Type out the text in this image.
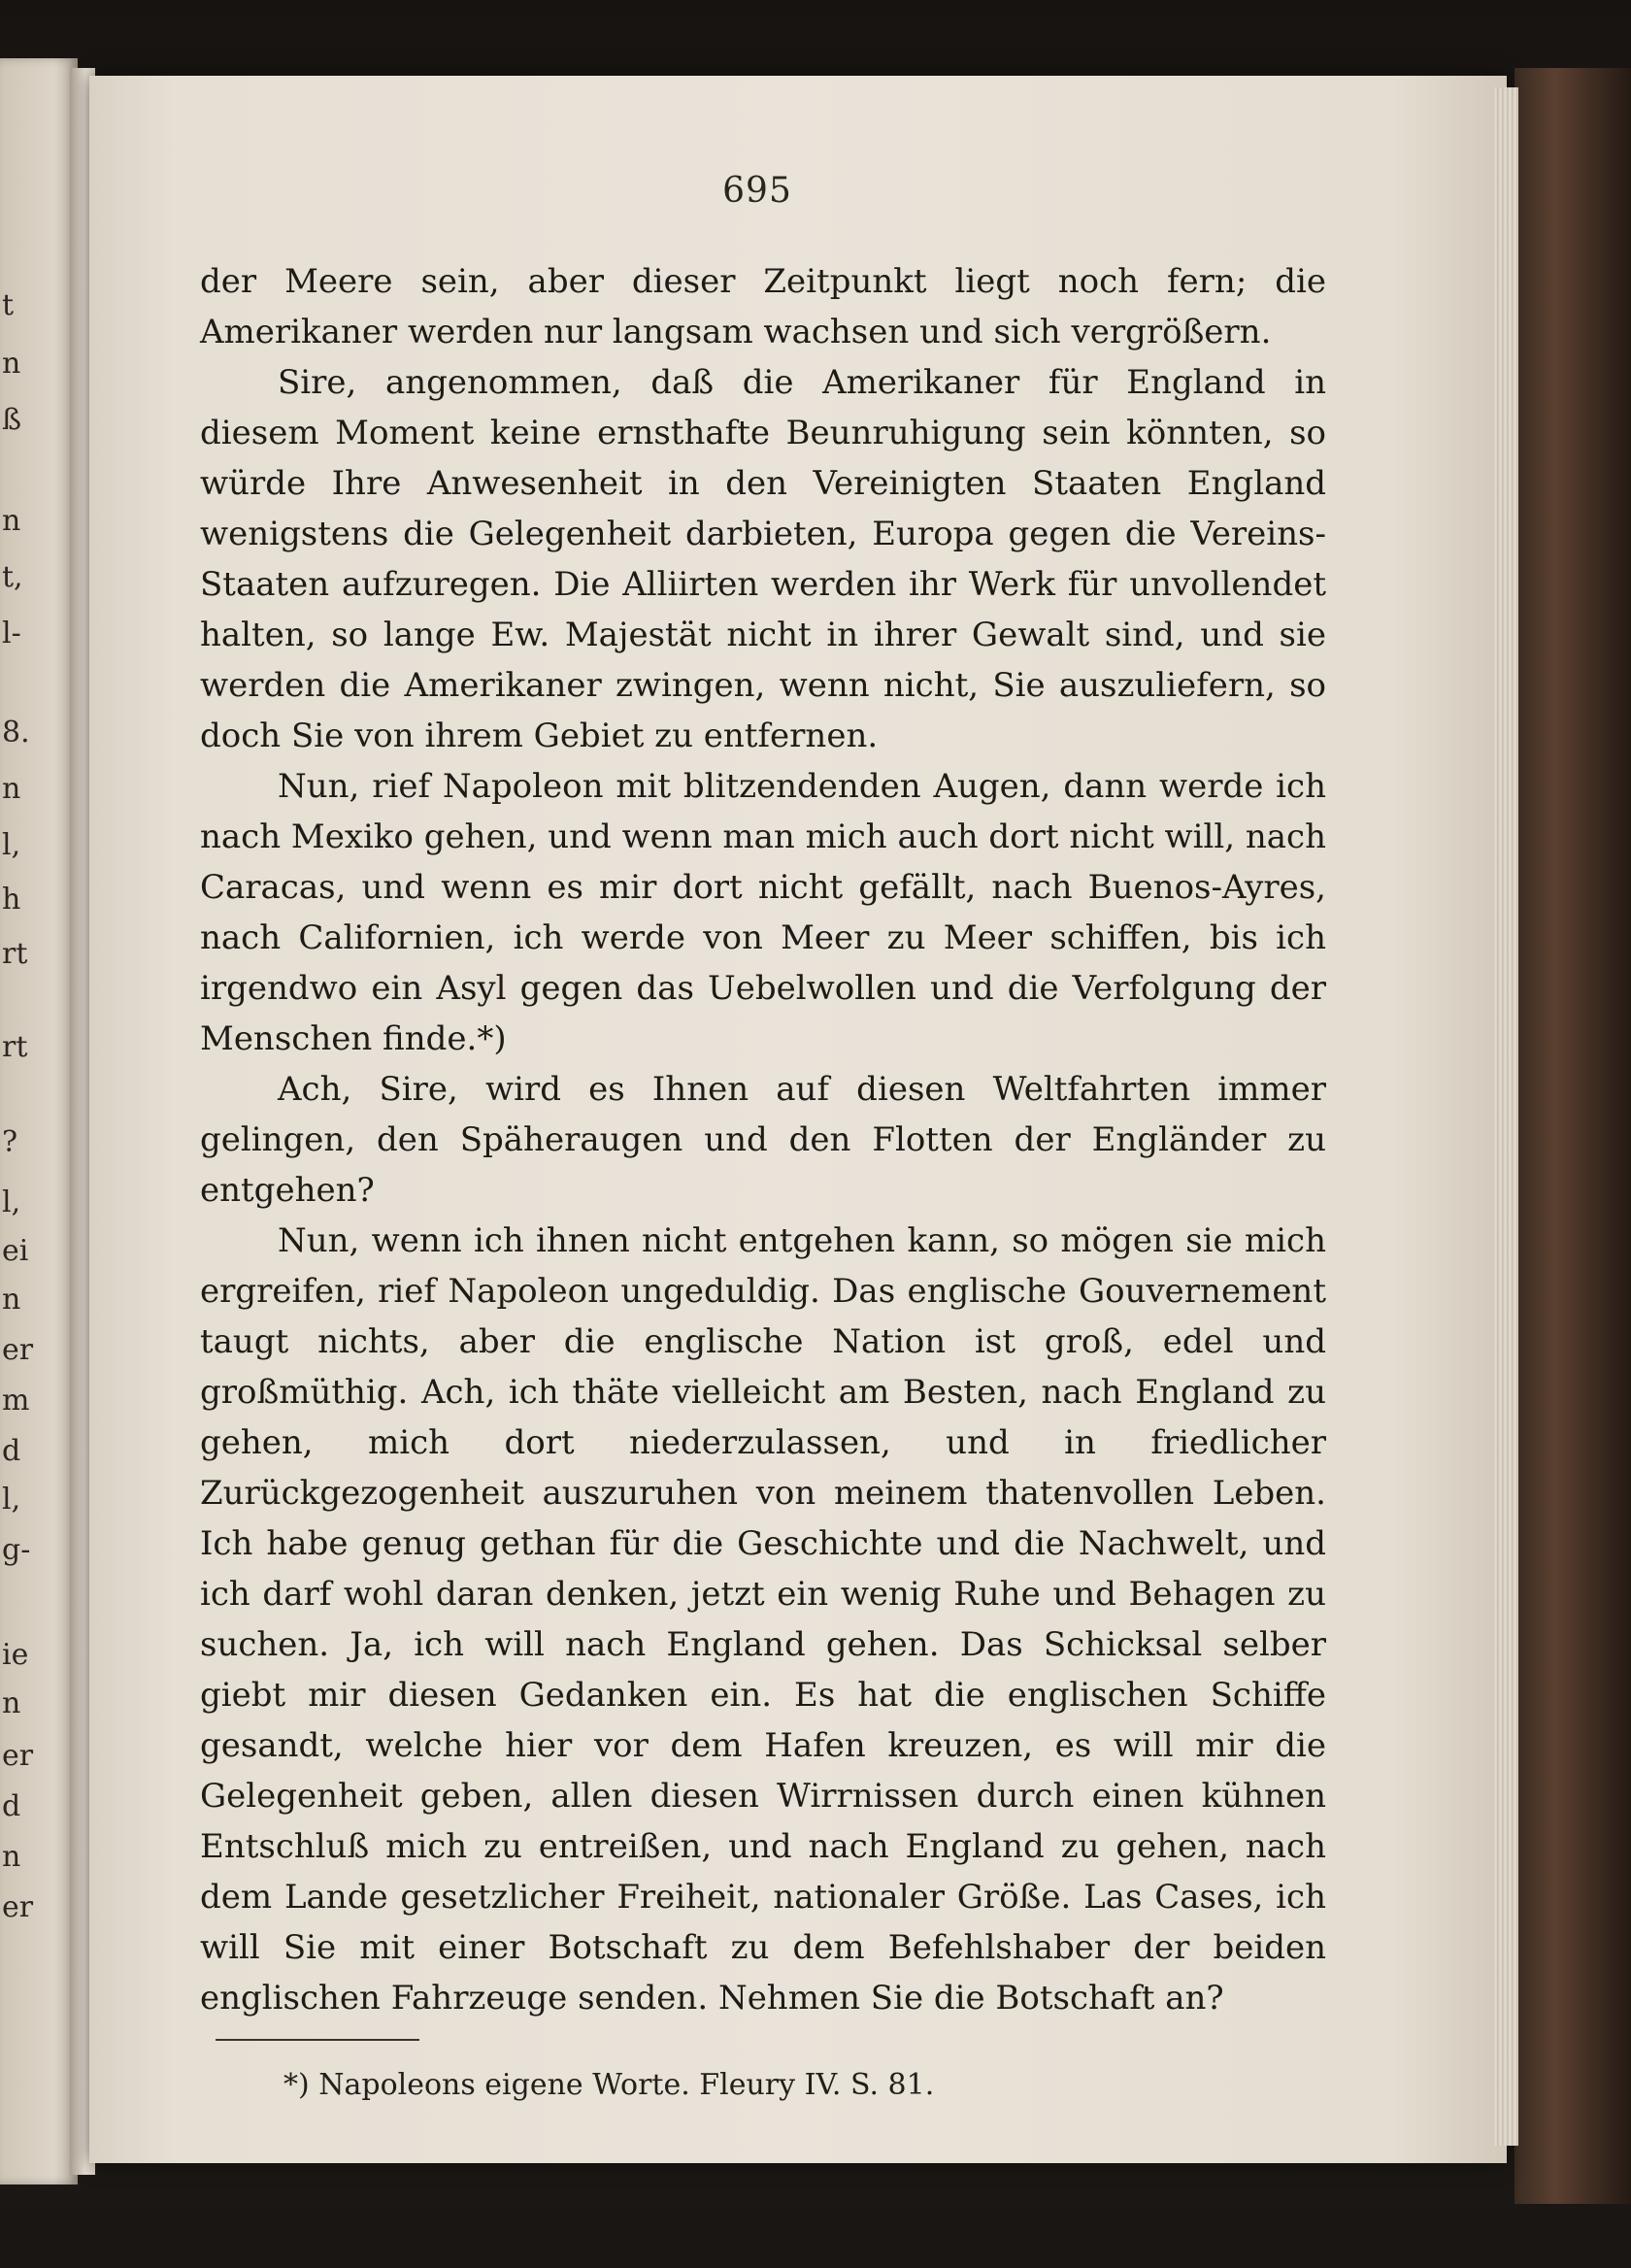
t
n
ß
n
t,
l-
8.
n
l,
h
rt
rt
?
l,
ei
n
er
m
d
l,
g-
ie
n
er
d
n
er
695

der Meere sein, aber dieser Zeitpunkt liegt noch fern; die Amerikaner werden nur langsam wachsen und sich vergrößern.

Sire, angenommen, daß die Amerikaner für England in diesem Moment keine ernsthafte Beunruhigung sein könnten, so würde Ihre Anwesenheit in den Vereinigten Staaten England wenigstens die Gelegenheit darbieten, Europa gegen die Vereins-Staaten aufzuregen. Die Alliirten werden ihr Werk für unvollendet halten, so lange Ew. Majestät nicht in ihrer Gewalt sind, und sie werden die Amerikaner zwingen, wenn nicht, Sie auszuliefern, so doch Sie von ihrem Gebiet zu entfernen.

Nun, rief Napoleon mit blitzendenden Augen, dann werde ich nach Mexiko gehen, und wenn man mich auch dort nicht will, nach Caracas, und wenn es mir dort nicht gefällt, nach Buenos-Ayres, nach Californien, ich werde von Meer zu Meer schiffen, bis ich irgendwo ein Asyl gegen das Uebelwollen und die Verfolgung der Menschen finde.*)

Ach, Sire, wird es Ihnen auf diesen Weltfahrten immer gelingen, den Späheraugen und den Flotten der Engländer zu entgehen?

Nun, wenn ich ihnen nicht entgehen kann, so mögen sie mich ergreifen, rief Napoleon ungeduldig. Das englische Gouvernement taugt nichts, aber die englische Nation ist groß, edel und großmüthig. Ach, ich thäte vielleicht am Besten, nach England zu gehen, mich dort niederzulassen, und in friedlicher Zurückgezogenheit auszuruhen von meinem thatenvollen Leben. Ich habe genug gethan für die Geschichte und die Nachwelt, und ich darf wohl daran denken, jetzt ein wenig Ruhe und Behagen zu suchen. Ja, ich will nach England gehen. Das Schicksal selber giebt mir diesen Gedanken ein. Es hat die englischen Schiffe gesandt, welche hier vor dem Hafen kreuzen, es will mir die Gelegenheit geben, allen diesen Wirrnissen durch einen kühnen Entschluß mich zu entreißen, und nach England zu gehen, nach dem Lande gesetzlicher Freiheit, nationaler Größe. Las Cases, ich will Sie mit einer Botschaft zu dem Befehlshaber der beiden englischen Fahrzeuge senden. Nehmen Sie die Botschaft an?

*) Napoleons eigene Worte. Fleury IV. S. 81.
